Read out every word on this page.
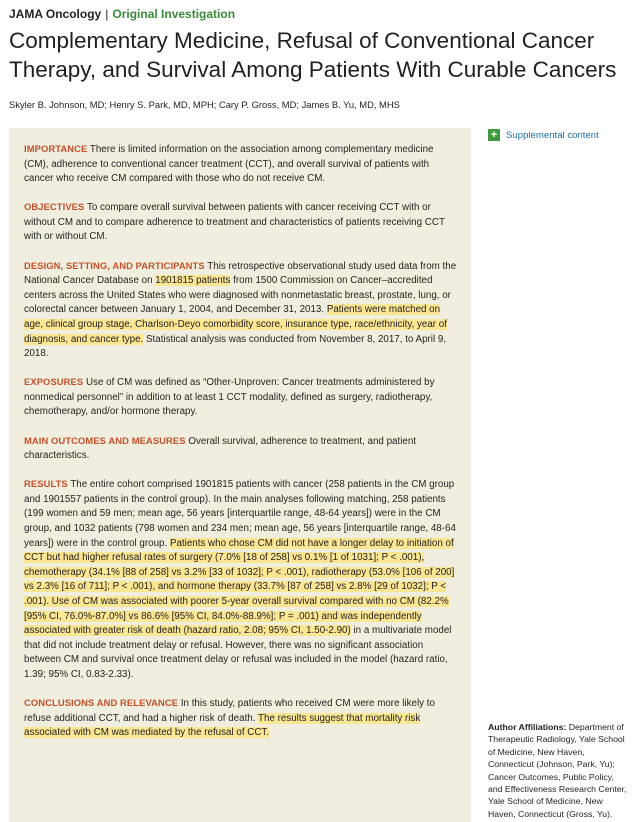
JAMA Oncology | Original Investigation
Complementary Medicine, Refusal of Conventional Cancer Therapy, and Survival Among Patients With Curable Cancers
Skyler B. Johnson, MD; Henry S. Park, MD, MPH; Cary P. Gross, MD; James B. Yu, MD, MHS

IMPORTANCE There is limited information on the association among complementary medicine (CM), adherence to conventional cancer treatment (CCT), and overall survival of patients with cancer who receive CM compared with those who do not receive CM.

OBJECTIVES To compare overall survival between patients with cancer receiving CCT with or without CM and to compare adherence to treatment and characteristics of patients receiving CCT with or without CM.

DESIGN, SETTING, AND PARTICIPANTS This retrospective observational study used data from the National Cancer Database on 1901815 patients from 1500 Commission on Cancer–accredited centers across the United States who were diagnosed with nonmetastatic breast, prostate, lung, or colorectal cancer between January 1, 2004, and December 31, 2013. Patients were matched on age, clinical group stage, Charlson-Deyo comorbidity score, insurance type, race/ethnicity, year of diagnosis, and cancer type. Statistical analysis was conducted from November 8, 2017, to April 9, 2018.

EXPOSURES Use of CM was defined as “Other-Unproven: Cancer treatments administered by nonmedical personnel” in addition to at least 1 CCT modality, defined as surgery, radiotherapy, chemotherapy, and/or hormone therapy.

MAIN OUTCOMES AND MEASURES Overall survival, adherence to treatment, and patient characteristics.

RESULTS The entire cohort comprised 1901815 patients with cancer (258 patients in the CM group and 1901557 patients in the control group). In the main analyses following matching, 258 patients (199 women and 59 men; mean age, 56 years [interquartile range, 48-64 years]) were in the CM group, and 1032 patients (798 women and 234 men; mean age, 56 years [interquartile range, 48-64 years]) were in the control group. Patients who chose CM did not have a longer delay to initiation of CCT but had higher refusal rates of surgery (7.0% [18 of 258] vs 0.1% [1 of 1031]; P < .001), chemotherapy (34.1% [88 of 258] vs 3.2% [33 of 1032]; P < .001), radiotherapy (53.0% [106 of 200] vs 2.3% [16 of 711]; P < .001), and hormone therapy (33.7% [87 of 258] vs 2.8% [29 of 1032]; P < .001). Use of CM was associated with poorer 5-year overall survival compared with no CM (82.2% [95% CI, 76.0%-87.0%] vs 86.6% [95% CI, 84.0%-88.9%]; P = .001) and was independently associated with greater risk of death (hazard ratio, 2.08; 95% CI, 1.50-2.90) in a multivariate model that did not include treatment delay or refusal. However, there was no significant association between CM and survival once treatment delay or refusal was included in the model (hazard ratio, 1.39; 95% CI, 0.83-2.33).

CONCLUSIONS AND RELEVANCE In this study, patients who received CM were more likely to refuse additional CCT, and had a higher risk of death. The results suggest that mortality risk associated with CM was mediated by the refusal of CCT.

+ Supplemental content
Author Affiliations: Department of Therapeutic Radiology, Yale School of Medicine, New Haven, Connecticut (Johnson, Park, Yu); Cancer Outcomes, Public Policy, and Effectiveness Research Center, Yale School of Medicine, New Haven, Connecticut (Gross, Yu).
